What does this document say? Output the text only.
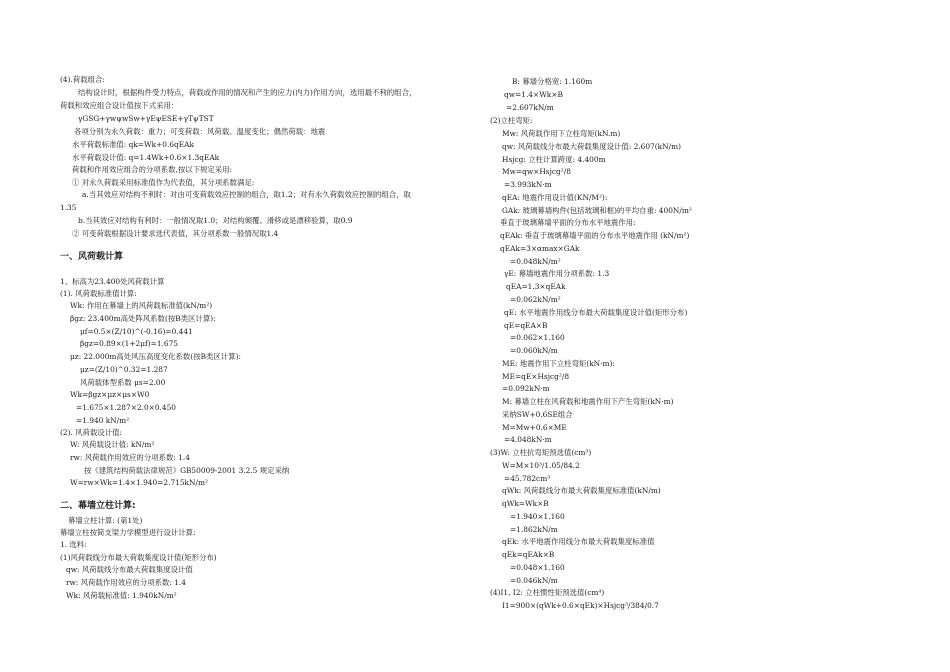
(4).荷载组合:
结构设计时，根据构件受力特点，荷载或作用的情况和产生的应力(内力)作用方向，选用最不利的组合，
荷载和效应组合设计值按下式采用：
γGSG+γwψwSw+γEψESE+γTψTST
各项分别为永久荷载：重力；可变荷载：风荷载、温度变化；偶然荷载：地震
水平荷载标准值: qk=Wk+0.6qEAk
水平荷载设计值: q=1.4Wk+0.6×1.3qEAk
荷载和作用效应组合的分项系数,按以下规定采用:
① 对永久荷载采用标准值作为代表值，其分项系数满足:
a.当其效应对结构不利时：对由可变荷载效应控制的组合，取1.2；对有永久荷载效应控制的组合，取
1.35
b.当其效应对结构有利时：一般情况取1.0；对结构倾覆、滑移或是漂移验算，取0.9
② 可变荷载根据设计要求选代表值，其分项系数一般情况取1.4
一、风荷载计算
1、标高为23.400处风荷载计算
(1). 风荷载标准值计算:
Wk: 作用在幕墙上的风荷载标准值(kN/m²)
βgz: 23.400m高处阵风系数(按B类区计算):
μf=0.5×(Z/10)^(-0.16)=0.441
βgz=0.89×(1+2μf)=1.675
μz: 22.000m高处风压高度变化系数(按B类区计算):
μz=(Z/10)^0.32=1.287
风荷载体型系数 μs=2.00
Wk=βgz×μz×μs×W0
=1.675×1.287×2.0×0.450
=1.940 kN/m²
(2). 风荷载设计值:
W: 风荷载设计值: kN/m²
rw: 风荷载作用效应的分项系数: 1.4
按《建筑结构荷载法律规范》GB50009-2001 3.2.5 规定采纳
W=rw×Wk=1.4×1.940=2.715kN/m²
二、幕墙立柱计算:
幕墙立柱计算: (第1处)
幕墙立柱按简支梁力学模型进行设计计算:
1. 选料:
(1)风荷载线分布最大荷载集度设计值(矩形分布)
qw: 风荷载线分布最大荷载集度设计值
rw: 风荷载作用效应的分项系数: 1.4
Wk: 风荷载标准值: 1.940kN/m²
B: 幕墙分格宽: 1.160m
qw=1.4×Wk×B
=2.607kN/m
(2)立柱弯矩:
Mw: 风荷载作用下立柱弯矩(kN.m)
qw: 风荷载线分布最大荷载集度设计值: 2.607(kN/m)
Hsjcg: 立柱计算跨度: 4.400m
Mw=qw×Hsjcg²/8
=3.993kN·m
qEA: 地震作用设计值(KN/M²):
GAk: 玻璃幕墙构件(包括玻璃和框)的平均自重: 400N/m²
垂直于玻璃幕墙平面的分布水平地震作用:
qEAk: 垂直于玻璃幕墙平面的分布水平地震作用 (kN/m²)
qEAk=3×αmax×GAk
=0.048kN/m²
γE: 幕墙地震作用分项系数: 1.3
qEA=1.3×qEAk
=0.062kN/m²
qE: 水平地震作用线分布最大荷载集度设计值(矩形分布)
qE=qEA×B
=0.062×1.160
=0.060kN/m
ME: 地震作用下立柱弯矩(kN·m):
ME=qE×Hsjcg²/8
=0.092kN·m
M: 幕墙立柱在风荷载和地震作用下产生弯矩(kN·m)
采纳SW+0.6SE组合
M=Mw+0.6×ME
=4.048kN·m
(3)W: 立柱抗弯矩预选值(cm³)
W=M×10³/1.05/84.2
=45.782cm³
qWk: 风荷载线分布最大荷载集度标准值(kN/m)
qWk=Wk×B
=1.940×1.160
=1.862kN/m
qEk: 水平地震作用线分布最大荷载集度标准值
qEk=qEAk×B
=0.048×1.160
=0.046kN/m
(4)I1, I2: 立柱惯性矩预选值(cm⁴)
I1=900×(qWk+0.6×qEk)×Hsjcg³/384/0.7
